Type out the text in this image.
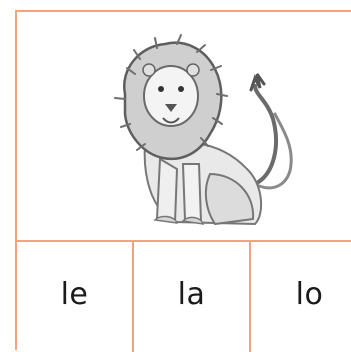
le	la	lo
